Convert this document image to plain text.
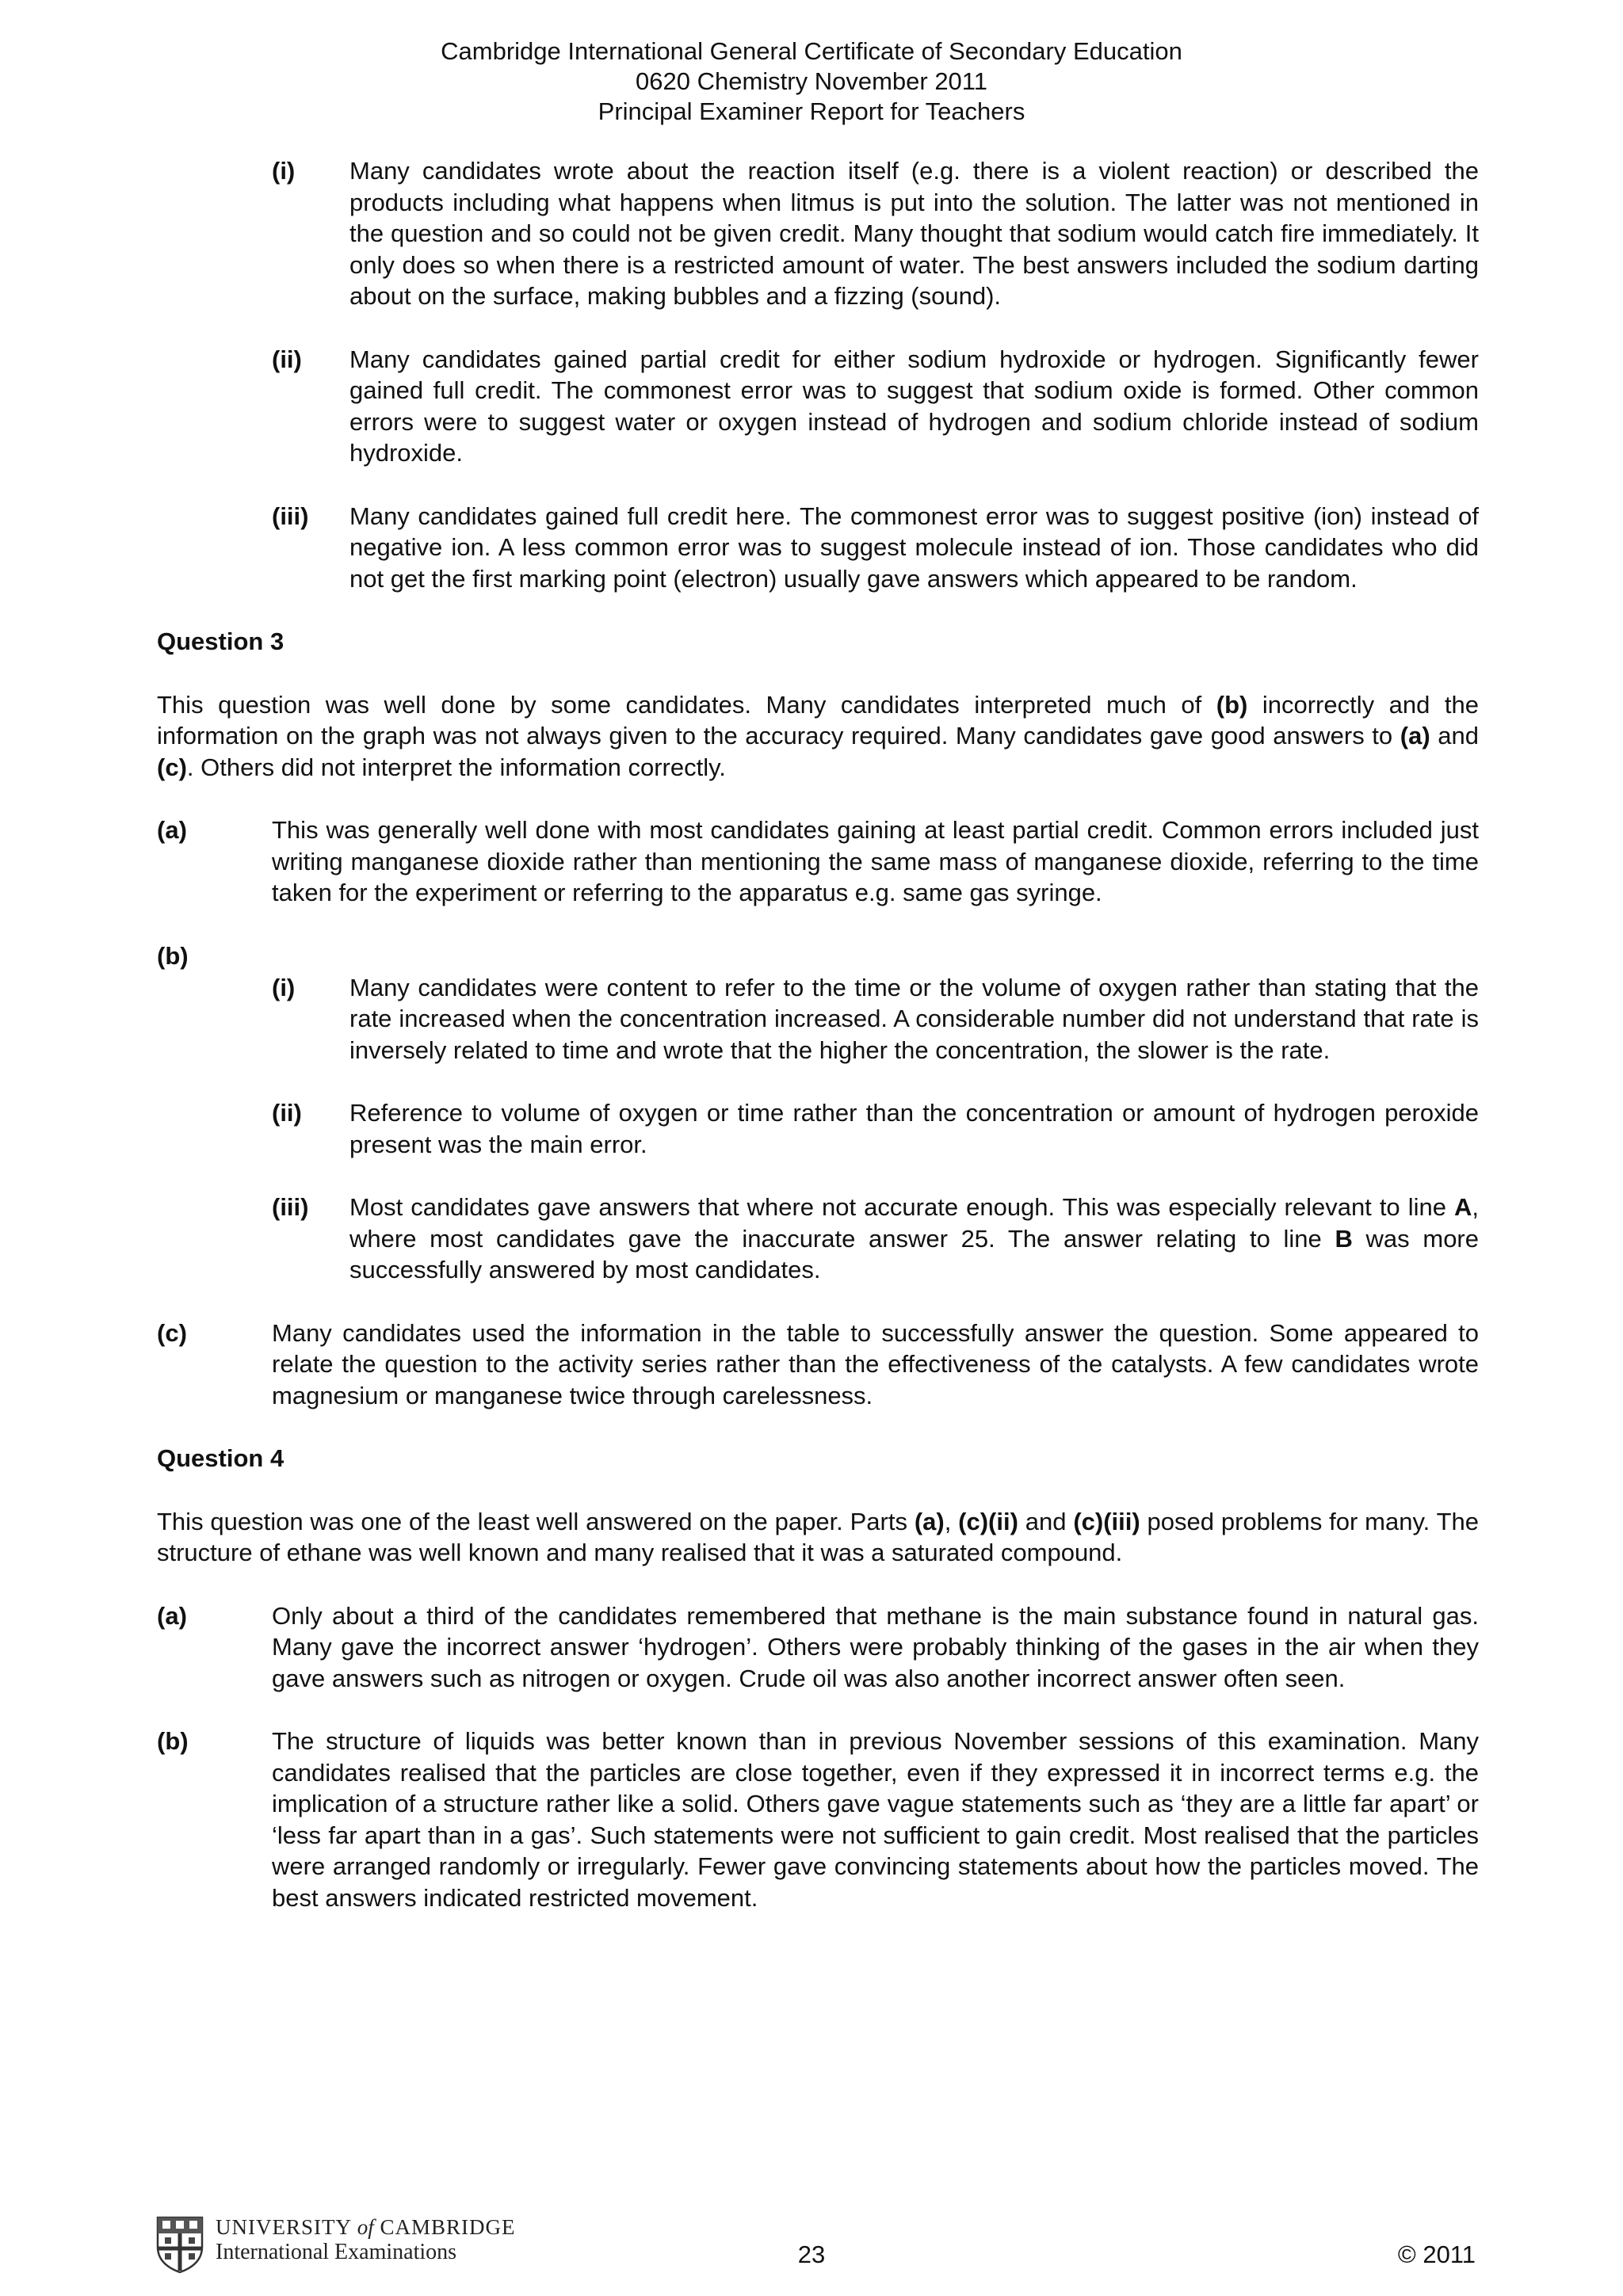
Cambridge International General Certificate of Secondary Education
0620 Chemistry November 2011
Principal Examiner Report for Teachers
(i)	Many candidates wrote about the reaction itself (e.g. there is a violent reaction) or described the products including what happens when litmus is put into the solution. The latter was not mentioned in the question and so could not be given credit. Many thought that sodium would catch fire immediately. It only does so when there is a restricted amount of water. The best answers included the sodium darting about on the surface, making bubbles and a fizzing (sound).
(ii)	Many candidates gained partial credit for either sodium hydroxide or hydrogen. Significantly fewer gained full credit. The commonest error was to suggest that sodium oxide is formed. Other common errors were to suggest water or oxygen instead of hydrogen and sodium chloride instead of sodium hydroxide.
(iii)	Many candidates gained full credit here. The commonest error was to suggest positive (ion) instead of negative ion. A less common error was to suggest molecule instead of ion. Those candidates who did not get the first marking point (electron) usually gave answers which appeared to be random.
Question 3
This question was well done by some candidates. Many candidates interpreted much of (b) incorrectly and the information on the graph was not always given to the accuracy required. Many candidates gave good answers to (a) and (c). Others did not interpret the information correctly.
(a)	This was generally well done with most candidates gaining at least partial credit. Common errors included just writing manganese dioxide rather than mentioning the same mass of manganese dioxide, referring to the time taken for the experiment or referring to the apparatus e.g. same gas syringe.
(b)
(i)	Many candidates were content to refer to the time or the volume of oxygen rather than stating that the rate increased when the concentration increased. A considerable number did not understand that rate is inversely related to time and wrote that the higher the concentration, the slower is the rate.
(ii)	Reference to volume of oxygen or time rather than the concentration or amount of hydrogen peroxide present was the main error.
(iii)	Most candidates gave answers that where not accurate enough. This was especially relevant to line A, where most candidates gave the inaccurate answer 25. The answer relating to line B was more successfully answered by most candidates.
(c)	Many candidates used the information in the table to successfully answer the question. Some appeared to relate the question to the activity series rather than the effectiveness of the catalysts. A few candidates wrote magnesium or manganese twice through carelessness.
Question 4
This question was one of the least well answered on the paper. Parts (a), (c)(ii) and (c)(iii) posed problems for many. The structure of ethane was well known and many realised that it was a saturated compound.
(a)	Only about a third of the candidates remembered that methane is the main substance found in natural gas. Many gave the incorrect answer ‘hydrogen’. Others were probably thinking of the gases in the air when they gave answers such as nitrogen or oxygen. Crude oil was also another incorrect answer often seen.
(b)	The structure of liquids was better known than in previous November sessions of this examination. Many candidates realised that the particles are close together, even if they expressed it in incorrect terms e.g. the implication of a structure rather like a solid. Others gave vague statements such as ‘they are a little far apart’ or ‘less far apart than in a gas’. Such statements were not sufficient to gain credit. Most realised that the particles were arranged randomly or irregularly. Fewer gave convincing statements about how the particles moved. The best answers indicated restricted movement.
UNIVERSITY of CAMBRIDGE
International Examinations	23	© 2011
